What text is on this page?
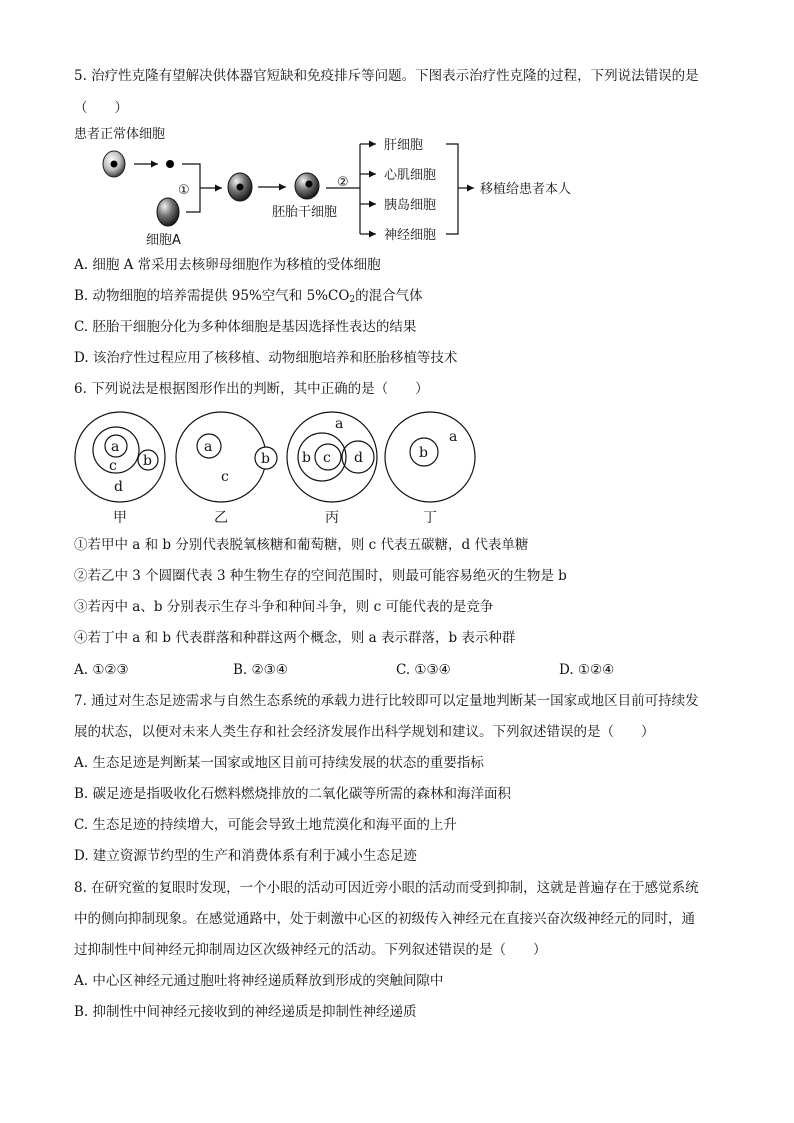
5. 治疗性克隆有望解决供体器官短缺和免疫排斥等问题。下图表示治疗性克隆的过程，下列说法错误的是
（　　）
患者正常体细胞
细胞A
①
胚胎干细胞
②
肝细胞
心肌细胞
胰岛细胞
神经细胞
移植给患者本人
A. 细胞 A 常采用去核卵母细胞作为移植的受体细胞
B. 动物细胞的培养需提供 95%空气和 $5\%CO_2$的混合气体
C. 胚胎干细胞分化为多种体细胞是基因选择性表达的结果
D. 该治疗性过程应用了核移植、动物细胞培养和胚胎移植等技术
6. 下列说法是根据图形作出的判断，其中正确的是（　　）
a
c b
d
a
c
b
a
b c d	b
a
甲	乙	丙	丁
①若甲中 a 和 b 分别代表脱氧核糖和葡萄糖，则 c 代表五碳糖，d 代表单糖
②若乙中 3 个圆圈代表 3 种生物生存的空间范围时，则最可能容易绝灭的生物是 b
③若丙中 a、b 分别表示生存斗争和种间斗争，则 c 可能代表的是竞争
④若丁中 a 和 b 代表群落和种群这两个概念，则 a 表示群落，b 表示种群
A. ①②③	B. ②③④	C. ①③④	D. ①②④
7. 通过对生态足迹需求与自然生态系统的承载力进行比较即可以定量地判断某一国家或地区目前可持续发
展的状态，以便对未来人类生存和社会经济发展作出科学规划和建议。下列叙述错误的是（　　）
A. 生态足迹是判断某一国家或地区目前可持续发展的状态的重要指标
B. 碳足迹是指吸收化石燃料燃烧排放的二氧化碳等所需的森林和海洋面积
C. 生态足迹的持续增大，可能会导致土地荒漠化和海平面的上升
D. 建立资源节约型的生产和消费体系有利于减小生态足迹
8. 在研究鲎的复眼时发现，一个小眼的活动可因近旁小眼的活动而受到抑制，这就是普遍存在于感觉系统
中的侧向抑制现象。在感觉通路中，处于刺激中心区的初级传入神经元在直接兴奋次级神经元的同时，通
过抑制性中间神经元抑制周边区次级神经元的活动。下列叙述错误的是（　　）
A. 中心区神经元通过胞吐将神经递质释放到形成的突触间隙中
B. 抑制性中间神经元接收到的神经递质是抑制性神经递质
